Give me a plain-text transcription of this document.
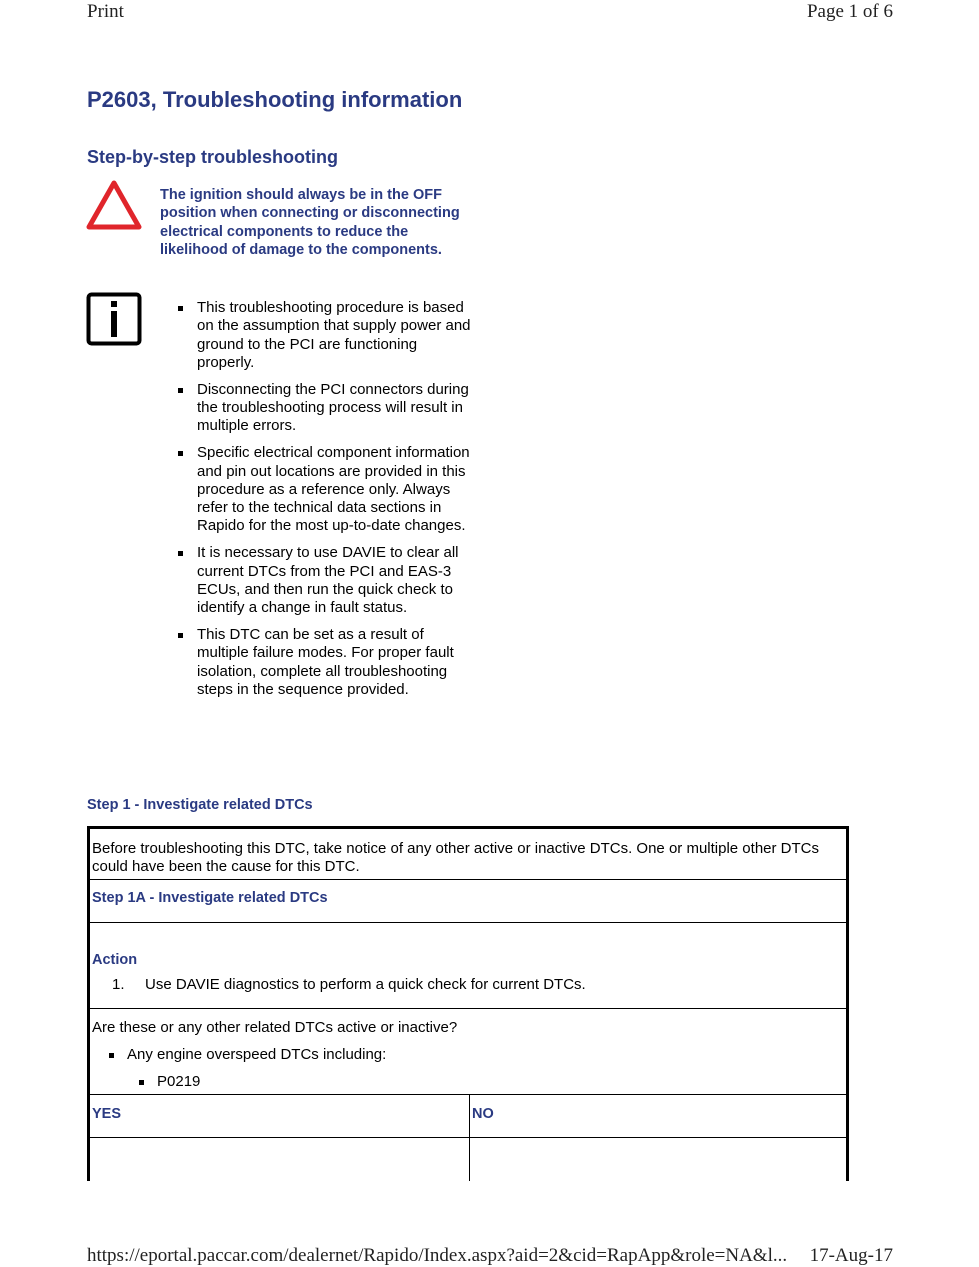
Print	Page 1 of 6
P2603, Troubleshooting information
Step-by-step troubleshooting
The ignition should always be in the OFF position when connecting or disconnecting electrical components to reduce the likelihood of damage to the components.
This troubleshooting procedure is based on the assumption that supply power and ground to the PCI are functioning properly.
Disconnecting the PCI connectors during the troubleshooting process will result in multiple errors.
Specific electrical component information and pin out locations are provided in this procedure as a reference only. Always refer to the technical data sections in Rapido for the most up-to-date changes.
It is necessary to use DAVIE to clear all current DTCs from the PCI and EAS-3 ECUs, and then run the quick check to identify a change in fault status.
This DTC can be set as a result of multiple failure modes. For proper fault isolation, complete all troubleshooting steps in the sequence provided.
Step 1 - Investigate related DTCs
Before troubleshooting this DTC, take notice of any other active or inactive DTCs. One or multiple other DTCs could have been the cause for this DTC.
Step 1A - Investigate related DTCs
Action
1. Use DAVIE diagnostics to perform a quick check for current DTCs.
Are these or any other related DTCs active or inactive?
Any engine overspeed DTCs including:
P0219
YES	NO
https://eportal.paccar.com/dealernet/Rapido/Index.aspx?aid=2&cid=RapApp&role=NA&l... 17-Aug-17
